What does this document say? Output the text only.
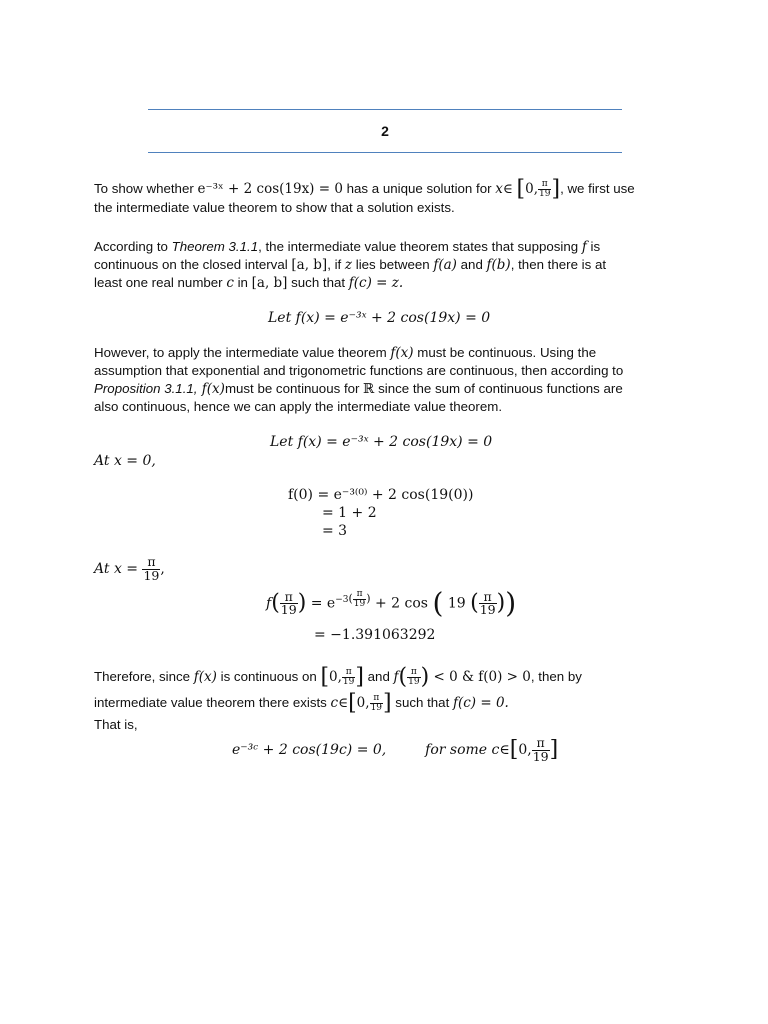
2
To show whether e⁻³ˣ + 2 cos(19x) = 0 has a unique solution for x∈ [0, $\frac{\pi}{19}$ ], we first use
the intermediate value theorem to show that a solution exists.
According to Theorem 3.1.1, the intermediate value theorem states that supposing f is
continuous on the closed interval [a, b], if z lies between f(a) and f(b), then there is at
least one real number c in [a, b] such that f(c) = z.
Let f(x) = e⁻³ˣ + 2 cos(19x) = 0
However, to apply the intermediate value theorem f(x) must be continuous. Using the
assumption that exponential and trigonometric functions are continuous, then according to
Proposition 3.1.1, f(x)must be continuous for ℝ since the sum of continuous functions are
also continuous, hence we can apply the intermediate value theorem.
Let f(x) = e⁻³ˣ + 2 cos(19x) = 0
At x = 0,
f(0) = e⁻³⁽⁰⁾ + 2 cos(19(0))
= 1 + 2
= 3
At $x = \frac{\pi}{19}$ ,
$f( \frac{\pi}{19}$ ) = $e^{-3( \frac{\pi}{19} )} + 2$ cos ( 19 ( $\frac{\pi}{19}$ ))
= −1.391063292
Therefore, since f(x) is continuous on [0, $\frac{\pi}{19}$ ] and $f( \frac{\pi}{19}$ ) < 0 & f(0) > 0, then by
intermediate value theorem there exists c∈[0, $\frac{\pi}{19}$ ] such that f(c) = 0.
That is,
e⁻³ᶜ + 2 cos(19c) = 0,	for some c∈[0, $\frac{\pi}{19}$ ]
